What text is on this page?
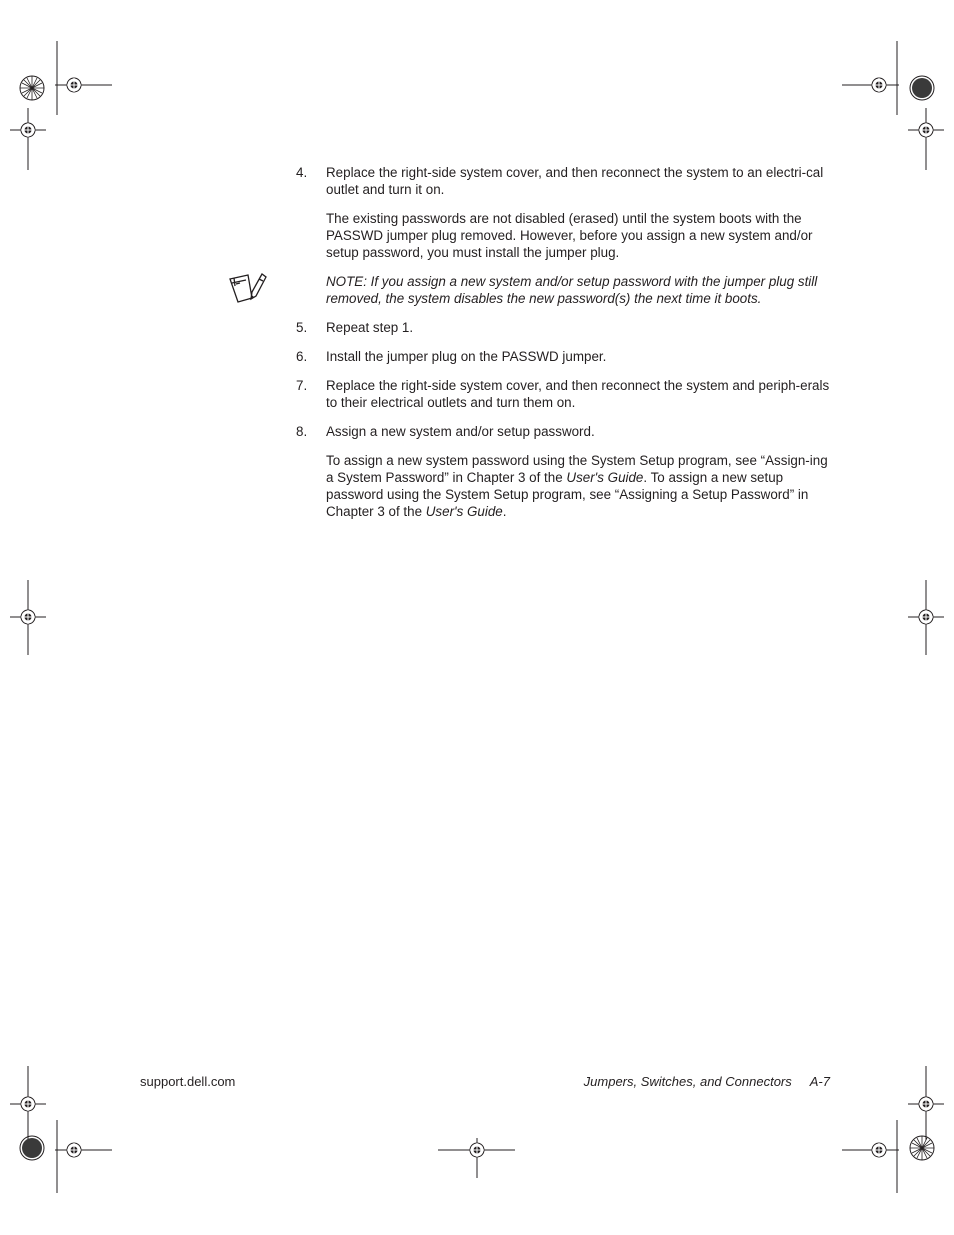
4. Replace the right-side system cover, and then reconnect the system to an electri-cal outlet and turn it on.
The existing passwords are not disabled (erased) until the system boots with the PASSWD jumper plug removed. However, before you assign a new system and/or setup password, you must install the jumper plug.
NOTE: If you assign a new system and/or setup password with the jumper plug still removed, the system disables the new password(s) the next time it boots.
5. Repeat step 1.
6. Install the jumper plug on the PASSWD jumper.
7. Replace the right-side system cover, and then reconnect the system and periph-erals to their electrical outlets and turn them on.
8. Assign a new system and/or setup password.
To assign a new system password using the System Setup program, see “Assign-ing a System Password” in Chapter 3 of the User's Guide. To assign a new setup password using the System Setup program, see “Assigning a Setup Password” in Chapter 3 of the User's Guide.
support.dell.com	Jumpers, Switches, and Connectors A-7
